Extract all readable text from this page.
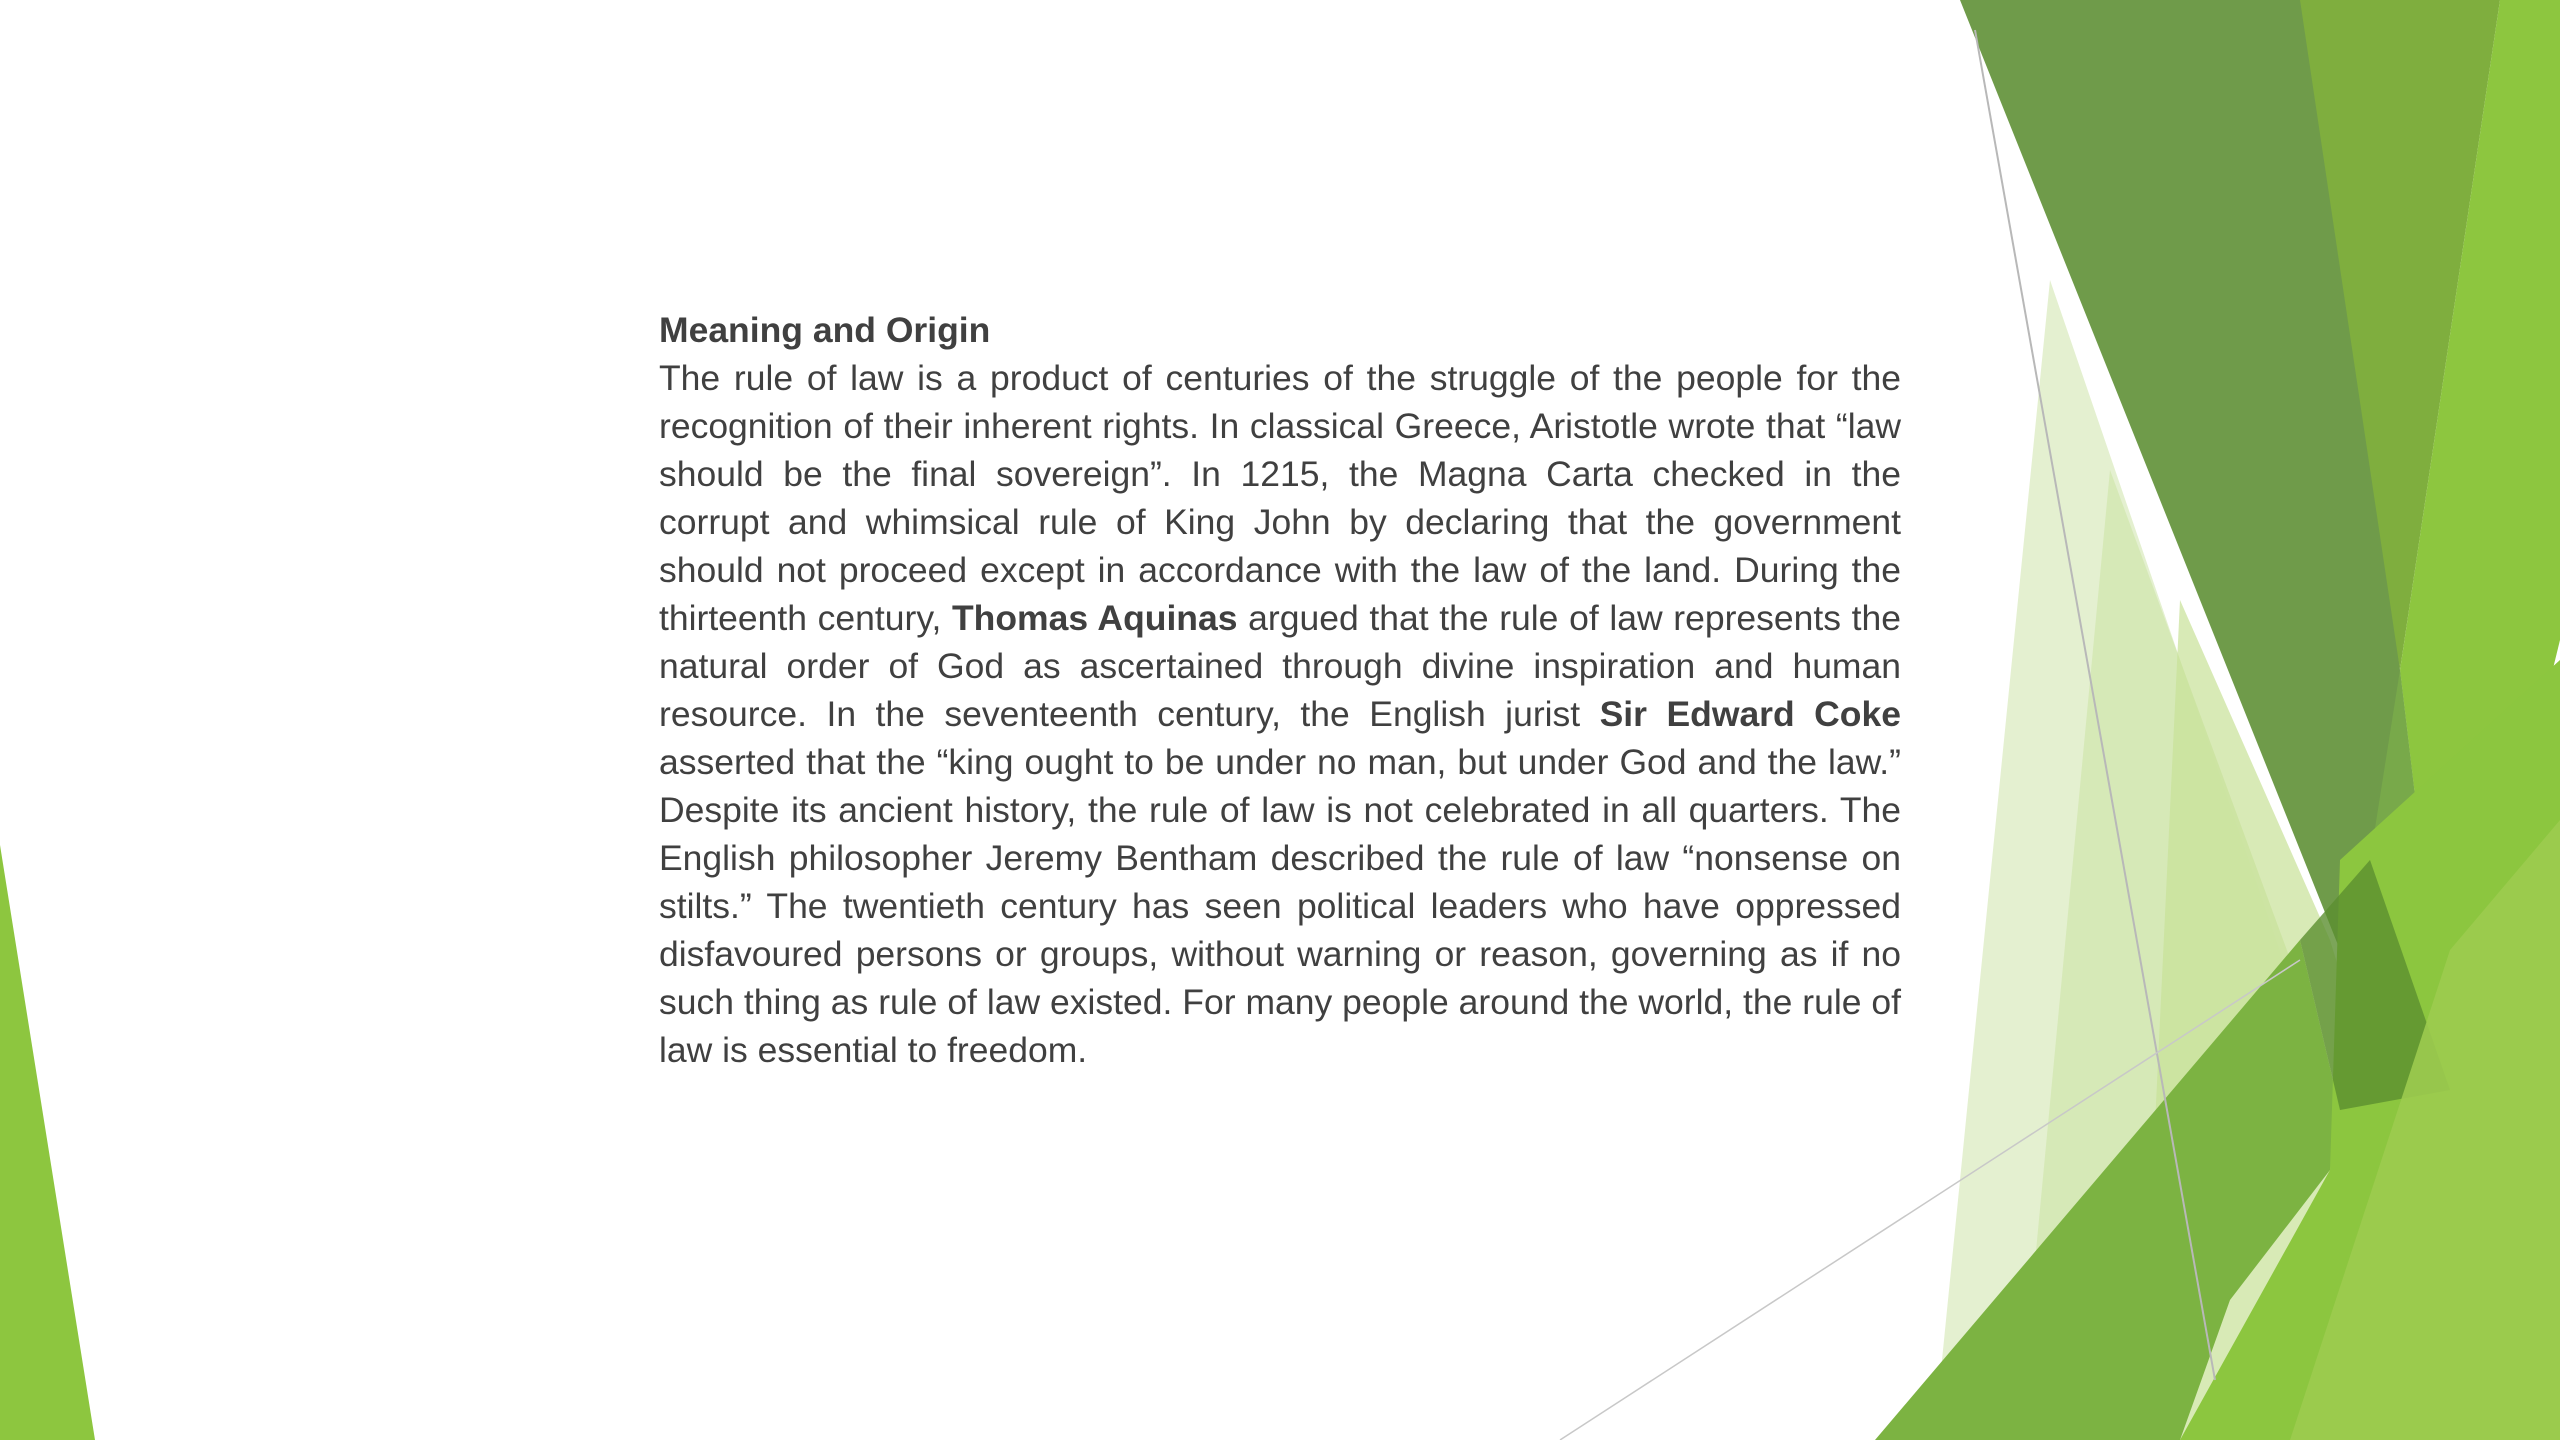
Meaning and Origin

The rule of law is a product of centuries of the struggle of the people for the recognition of their inherent rights. In classical Greece, Aristotle wrote that “law should be the final sovereign”. In 1215, the Magna Carta checked in the corrupt and whimsical rule of King John by declaring that the government should not proceed except in accordance with the law of the land. During the thirteenth century, Thomas Aquinas argued that the rule of law represents the natural order of God as ascertained through divine inspiration and human resource. In the seventeenth century, the English jurist Sir Edward Coke asserted that the “king ought to be under no man, but under God and the law.” Despite its ancient history, the rule of law is not celebrated in all quarters. The English philosopher Jeremy Bentham described the rule of law “nonsense on stilts.” The twentieth century has seen political leaders who have oppressed disfavoured persons or groups, without warning or reason, governing as if no such thing as rule of law existed. For many people around the world, the rule of law is essential to freedom.
